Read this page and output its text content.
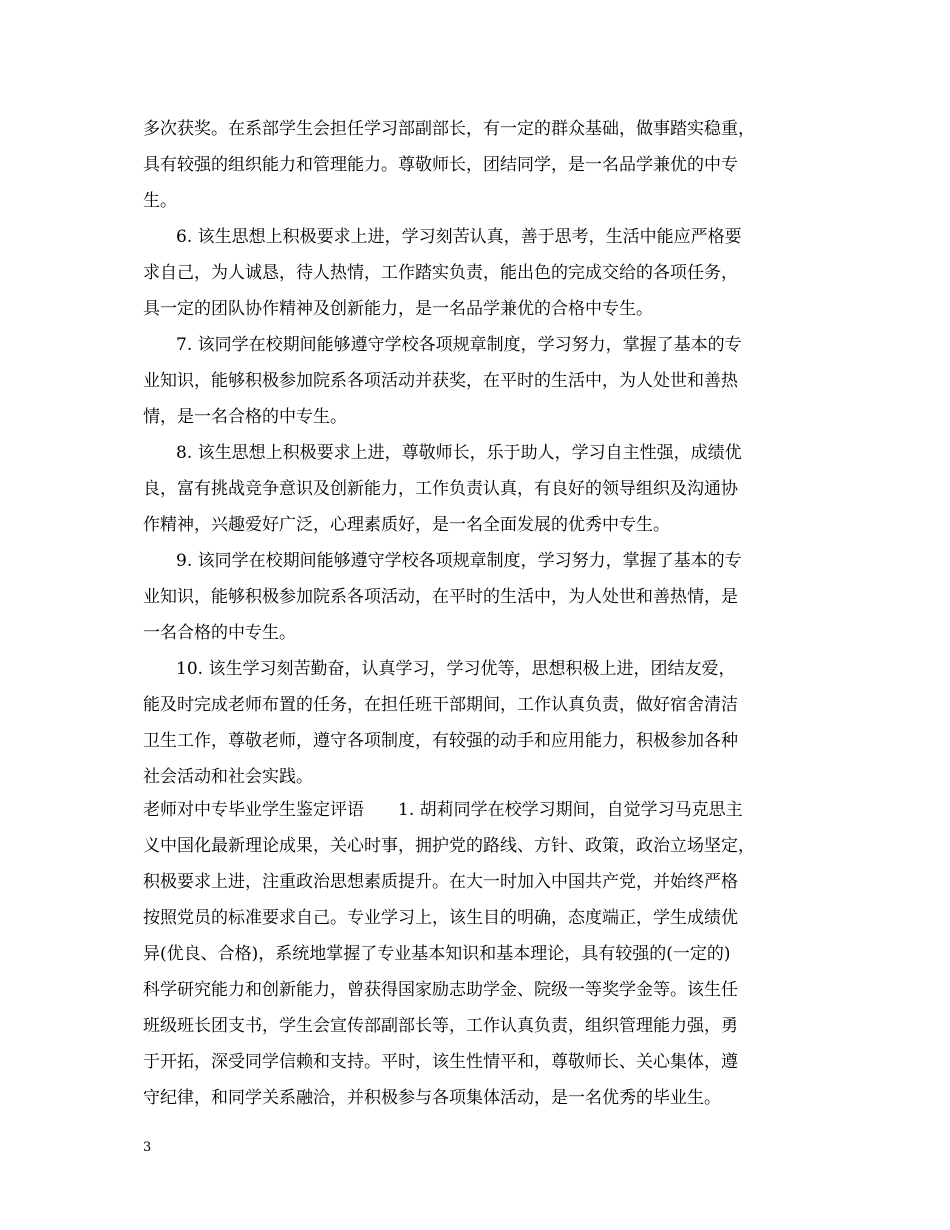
多次获奖。在系部学生会担任学习部副部长，有一定的群众基础，做事踏实稳重，
具有较强的组织能力和管理能力。尊敬师长，团结同学，是一名品学兼优的中专
生。
6. 该生思想上积极要求上进，学习刻苦认真，善于思考，生活中能应严格要
求自己，为人诚恳，待人热情，工作踏实负责，能出色的完成交给的各项任务，
具一定的团队协作精神及创新能力，是一名品学兼优的合格中专生。
7. 该同学在校期间能够遵守学校各项规章制度，学习努力，掌握了基本的专
业知识，能够积极参加院系各项活动并获奖，在平时的生活中，为人处世和善热
情，是一名合格的中专生。
8. 该生思想上积极要求上进，尊敬师长，乐于助人，学习自主性强，成绩优
良，富有挑战竞争意识及创新能力，工作负责认真，有良好的领导组织及沟通协
作精神，兴趣爱好广泛，心理素质好，是一名全面发展的优秀中专生。
9. 该同学在校期间能够遵守学校各项规章制度，学习努力，掌握了基本的专
业知识，能够积极参加院系各项活动，在平时的生活中，为人处世和善热情，是
一名合格的中专生。
10. 该生学习刻苦勤奋，认真学习，学习优等，思想积极上进，团结友爱，
能及时完成老师布置的任务，在担任班干部期间，工作认真负责，做好宿舍清洁
卫生工作，尊敬老师，遵守各项制度，有较强的动手和应用能力，积极参加各种
社会活动和社会实践。
老师对中专毕业学生鉴定评语　　1. 胡莉同学在校学习期间，自觉学习马克思主
义中国化最新理论成果，关心时事，拥护党的路线、方针、政策，政治立场坚定，
积极要求上进，注重政治思想素质提升。在大一时加入中国共产党，并始终严格
按照党员的标准要求自己。专业学习上，该生目的明确，态度端正，学生成绩优
异(优良、合格)，系统地掌握了专业基本知识和基本理论，具有较强的(一定的)
科学研究能力和创新能力，曾获得国家励志助学金、院级一等奖学金等。该生任
班级班长团支书，学生会宣传部副部长等，工作认真负责，组织管理能力强，勇
于开拓，深受同学信赖和支持。平时，该生性情平和，尊敬师长、关心集体，遵
守纪律，和同学关系融洽，并积极参与各项集体活动，是一名优秀的毕业生。
3
